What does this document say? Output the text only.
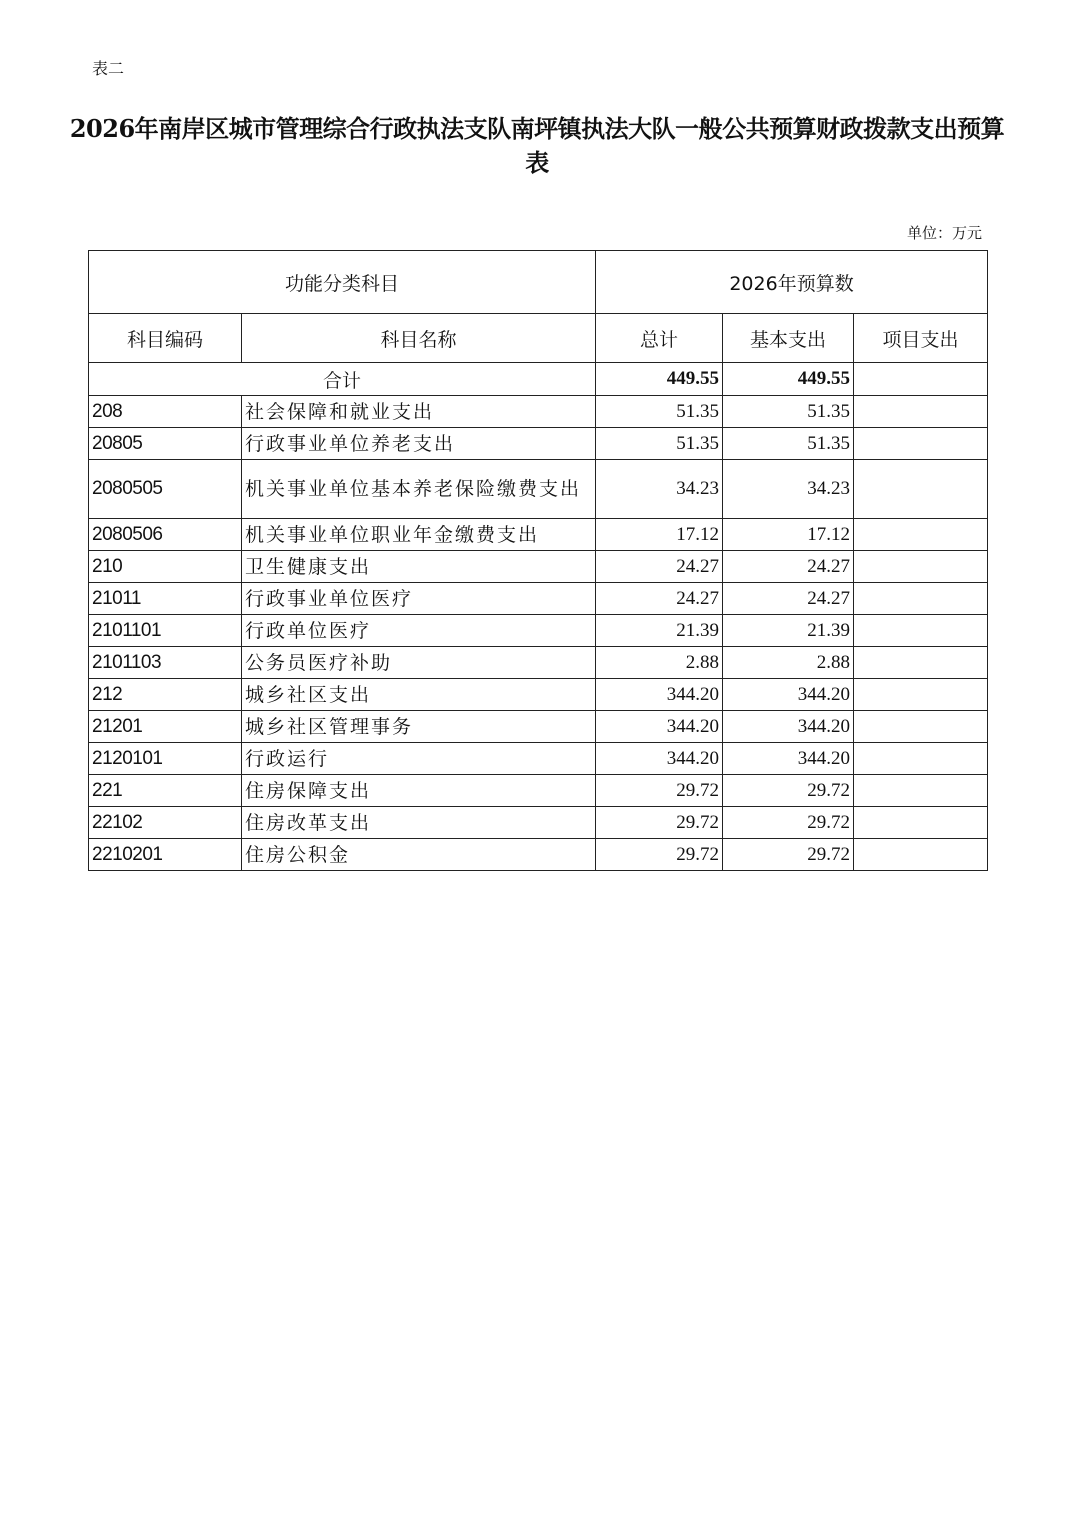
表二
2026年南岸区城市管理综合行政执法支队南坪镇执法大队一般公共预算财政拨款支出预算表
单位：万元
功能分类科目		2026年预算数		
科目编码	科目名称	总计	基本支出	项目支出
合计		449.55	449.55	
208	社会保障和就业支出	51.35	51.35	
20805	行政事业单位养老支出	51.35	51.35	
2080505	机关事业单位基本养老保险缴费支出	34.23	34.23	
2080506	机关事业单位职业年金缴费支出	17.12	17.12	
210	卫生健康支出	24.27	24.27	
21011	行政事业单位医疗	24.27	24.27	
2101101	行政单位医疗	21.39	21.39	
2101103	公务员医疗补助	2.88	2.88	
212	城乡社区支出	344.20	344.20	
21201	城乡社区管理事务	344.20	344.20	
2120101	行政运行	344.20	344.20	
221	住房保障支出	29.72	29.72	
22102	住房改革支出	29.72	29.72	
2210201	住房公积金	29.72	29.72	
